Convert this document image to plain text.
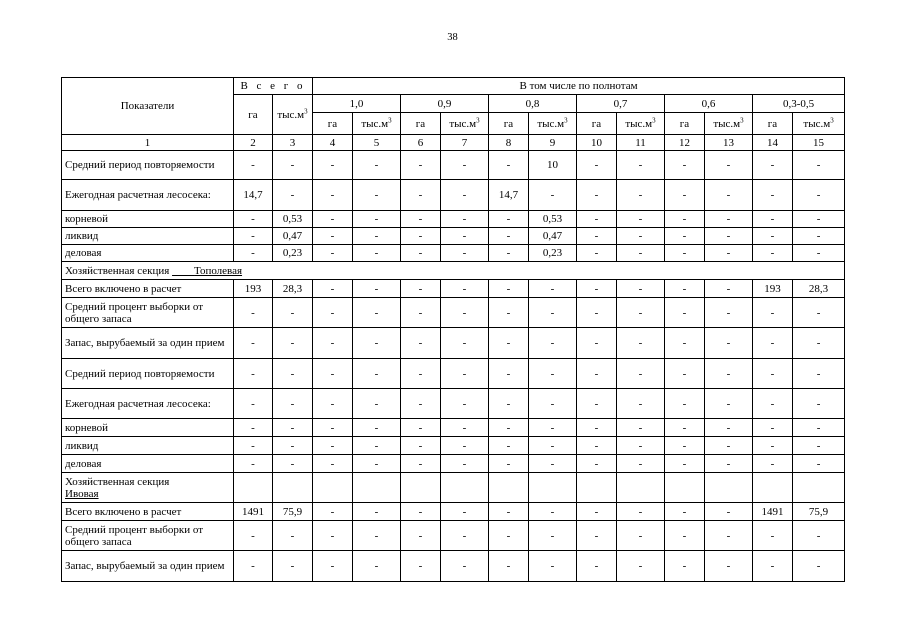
38
Показатели	В с е г о		В том числе по полнотам											
	га	$тыс.м^3$	1,0		0,9		0,8		0,7		0,6		0,3-0,5	
			га	$тыс.м^3$	га	$тыс.м^3$	га	$тыс.м^3$	га	$тыс.м^3$	га	$тыс.м^3$	га	$тыс.м^3$
1	2	3	4	5	6	7	8	9	10	11	12	13	14	15
Средний период повторяемости	-	-	-	-	-	-	-	10	-	-	-	-	-	-
Ежегодная расчетная лесосека:	14,7	-	-	-	-	-	14,7	-	-	-	-	-	-	-
корневой	-	0,53	-	-	-	-	-	0,53	-	-	-	-	-	-
ликвид	-	0,47	-	-	-	-	-	0,47	-	-	-	-	-	-
деловая	-	0,23	-	-	-	-	-	0,23	-	-	-	-	-	-
Хозяйственная секция Тополевая														
Всего включено в расчет	193	28,3	-	-	-	-	-	-	-	-	-	-	193	28,3
Средний процент выборки от общего запаса	-	-	-	-	-	-	-	-	-	-	-	-	-	-
Запас, вырубаемый за один прием	-	-	-	-	-	-	-	-	-	-	-	-	-	-
Средний период повторяемости	-	-	-	-	-	-	-	-	-	-	-	-	-	-
Ежегодная расчетная лесосека:	-	-	-	-	-	-	-	-	-	-	-	-	-	-
корневой	-	-	-	-	-	-	-	-	-	-	-	-	-	-
ликвид	-	-	-	-	-	-	-	-	-	-	-	-	-	-
деловая	-	-	-	-	-	-	-	-	-	-	-	-	-	-
Хозяйственная секция
Ивовая														
Всего включено в расчет	1491	75,9	-	-	-	-	-	-	-	-	-	-	1491	75,9
Средний процент выборки от общего запаса	-	-	-	-	-	-	-	-	-	-	-	-	-	-
Запас, вырубаемый за один прием	-	-	-	-	-	-	-	-	-	-	-	-	-	-
